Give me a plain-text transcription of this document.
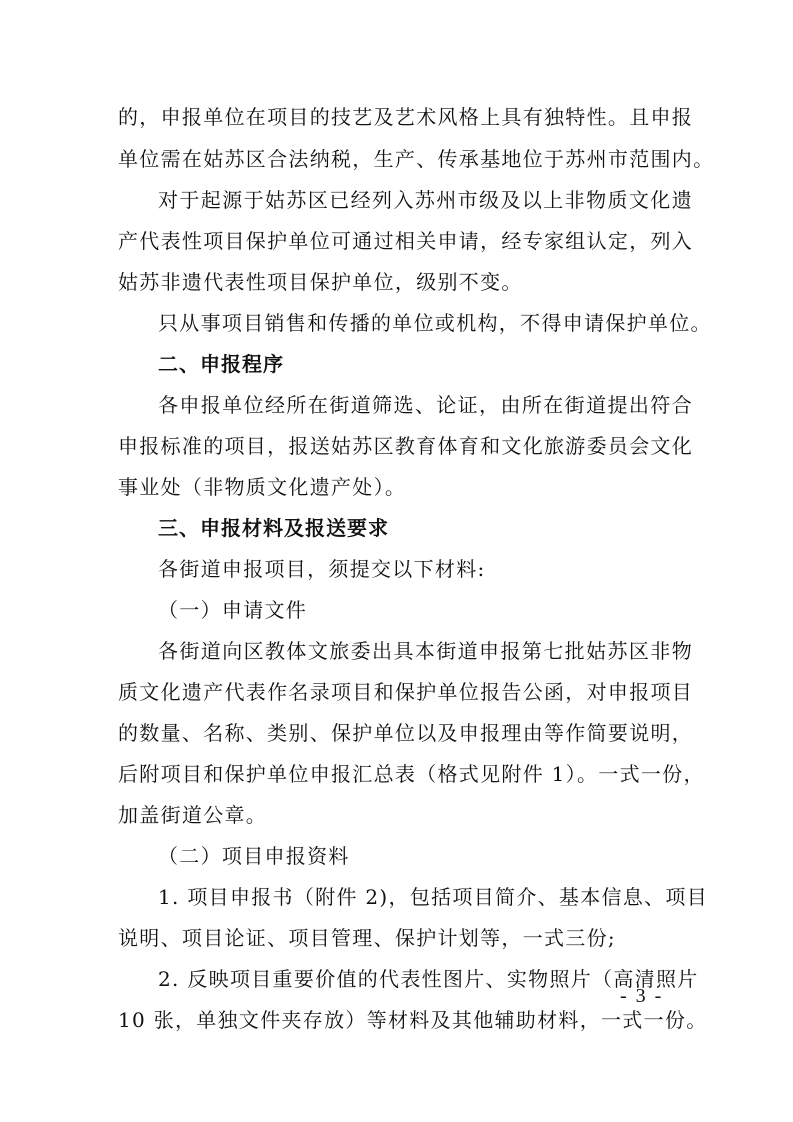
的，申报单位在项目的技艺及艺术风格上具有独特性。且申报
单位需在姑苏区合法纳税，生产、传承基地位于苏州市范围内。
对于起源于姑苏区已经列入苏州市级及以上非物质文化遗
产代表性项目保护单位可通过相关申请，经专家组认定，列入
姑苏非遗代表性项目保护单位，级别不变。
只从事项目销售和传播的单位或机构，不得申请保护单位。
二、申报程序
各申报单位经所在街道筛选、论证，由所在街道提出符合
申报标准的项目，报送姑苏区教育体育和文化旅游委员会文化
事业处（非物质文化遗产处）。
三、申报材料及报送要求
各街道申报项目，须提交以下材料:
（一）申请文件
各街道向区教体文旅委出具本街道申报第七批姑苏区非物
质文化遗产代表作名录项目和保护单位报告公函，对申报项目
的数量、名称、类别、保护单位以及申报理由等作简要说明，
后附项目和保护单位申报汇总表（格式见附件 1）。一式一份，
加盖街道公章。
（二）项目申报资料
1. 项目申报书（附件 2)，包括项目简介、基本信息、项目
说明、项目论证、项目管理、保护计划等，一式三份;
2. 反映项目重要价值的代表性图片、实物照片（高清照片
10 张，单独文件夹存放）等材料及其他辅助材料，一式一份。
- 3 -
